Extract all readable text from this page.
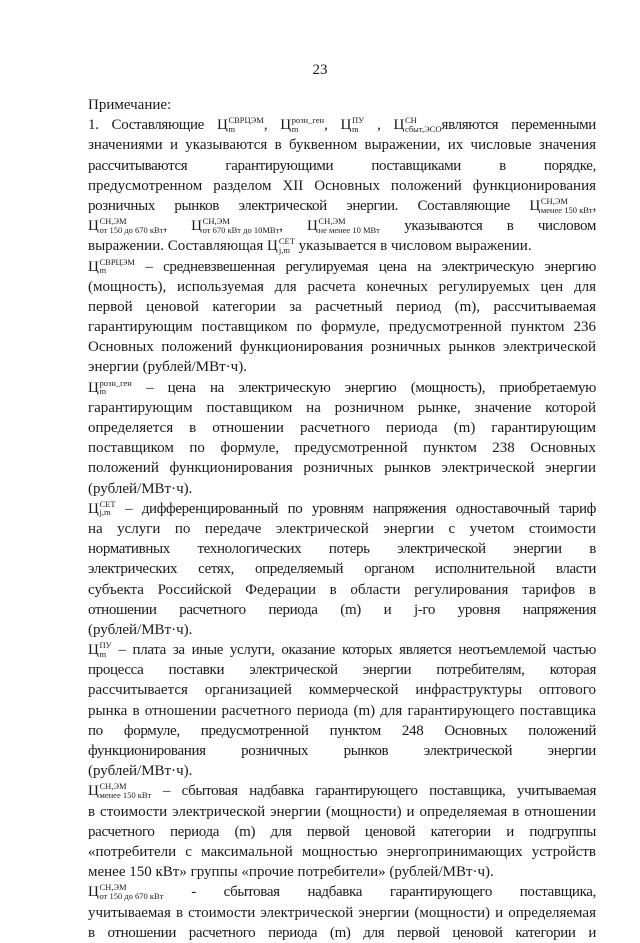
23
Примечание:
1. Составляющие Ц СВРЦЭМ
m	, Ц розн_ген
m	, Ц ПУ
m , Ц СН
сбыт,ЭСО являются переменными
значениями и указываются в буквенном выражении, их числовые значения
рассчитываются гарантирующими поставщиками в порядке,
предусмотренном разделом XII Основных положений функционирования
розничных рынков электрической энергии. Составляющие Ц СН,ЭМ
менее 150 кВт ,
Ц СН,ЭМ
от 150 до 670 кВт , Ц СН,ЭМ
от 670 кВт до 10МВт , Ц СН,ЭМ
не менее 10 МВт указываются в числовом
выражении. Составляющая Ц СЕТ
j,m указывается в числовом выражении.
Ц СВРЦЭМ
m	– средневзвешенная регулируемая цена на электрическую энергию
(мощность), используемая для расчета конечных регулируемых цен для
первой ценовой категории за расчетный период (m), рассчитываемая
гарантирующим поставщиком по формуле, предусмотренной пунктом 236
Основных положений функционирования розничных рынков электрической
энергии (рублей/МВт·ч).
Ц розн_ген
m	– цена на электрическую энергию (мощность), приобретаемую
гарантирующим поставщиком на розничном рынке, значение которой
определяется в отношении расчетного периода (m) гарантирующим
поставщиком по формуле, предусмотренной пунктом 238 Основных
положений функционирования розничных рынков электрической энергии
(рублей/МВт·ч).
Ц СЕТ
j,m – дифференцированный по уровням напряжения одноставочный тариф
на услуги по передаче электрической энергии с учетом стоимости
нормативных технологических потерь электрической энергии в
электрических сетях, определяемый органом исполнительной власти
субъекта Российской Федерации в области регулирования тарифов в
отношении расчетного периода (m) и j-го уровня напряжения
(рублей/МВт·ч).
Ц ПУ
m – плата за иные услуги, оказание которых является неотъемлемой частью
процесса поставки электрической энергии потребителям, которая
рассчитывается организацией коммерческой инфраструктуры оптового
рынка в отношении расчетного периода (m) для гарантирующего поставщика
по формуле, предусмотренной пунктом 248 Основных положений
функционирования розничных рынков электрической энергии
(рублей/МВт·ч).
Ц СН,ЭМ
менее 150 кВт – сбытовая надбавка гарантирующего поставщика, учитываемая
в стоимости электрической энергии (мощности) и определяемая в отношении
расчетного периода (m) для первой ценовой категории и подгруппы
«потребители с максимальной мощностью энергопринимающих устройств
менее 150 кВт» группы «прочие потребители» (рублей/МВт·ч).
Ц СН,ЭМ
от 150 до 670 кВт - сбытовая надбавка гарантирующего поставщика,
учитываемая в стоимости электрической энергии (мощности) и определяемая
в отношении расчетного периода (m) для первой ценовой категории и
